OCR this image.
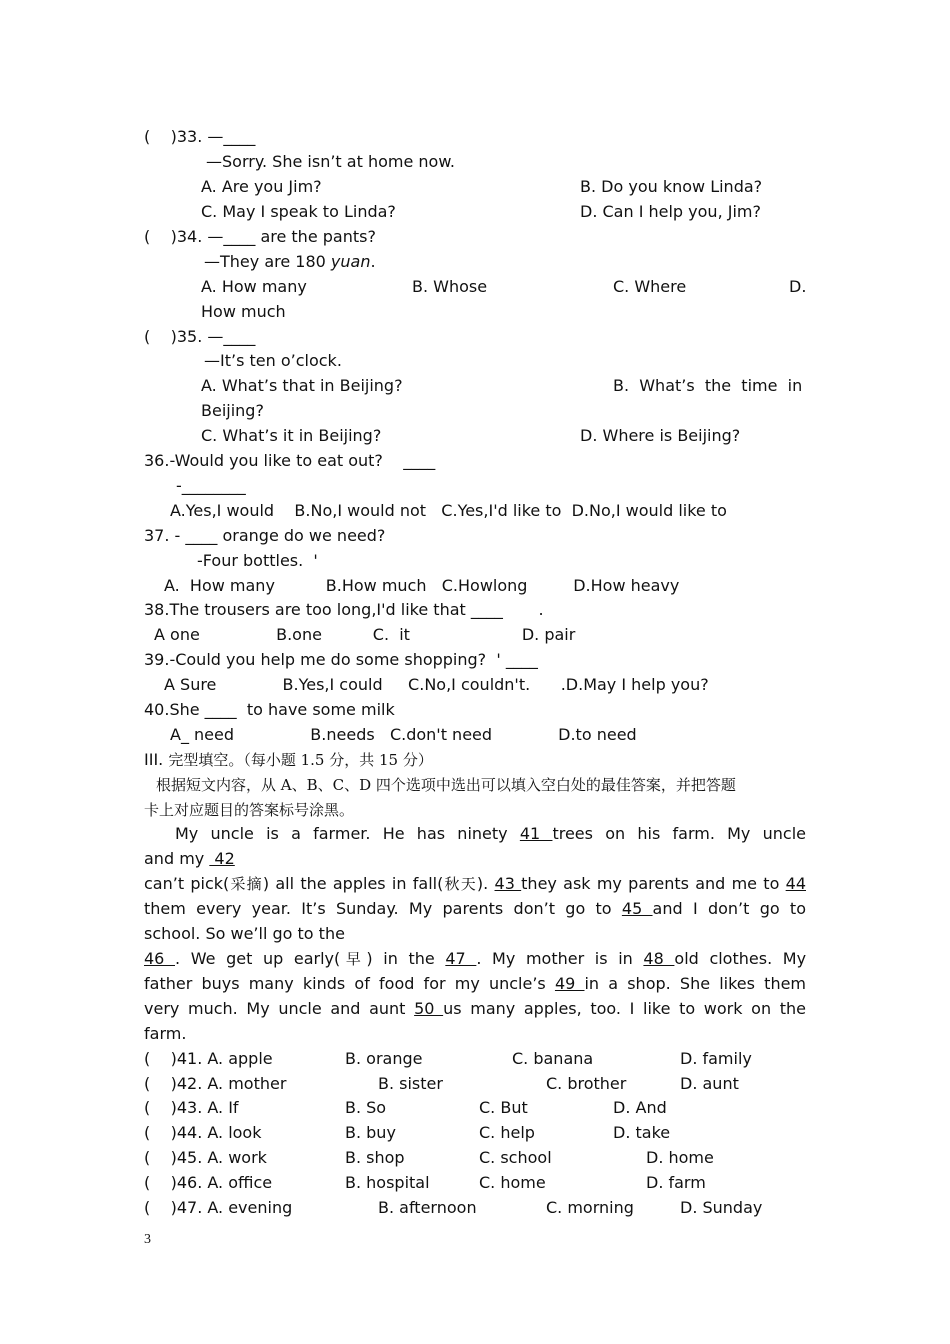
(    )33. —____
—Sorry. She isn’t at home now.
A. Are you Jim?	B. Do you know Linda?
C. May I speak to Linda?	D. Can I help you, Jim?
(    )34. —____ are the pants?
—They are 180 yuan.
A. How many	B. Whose	C. Where	D.
How much
(    )35. —____
—It’s ten o’clock.
A. What’s that in Beijing?	B.  What’s  the  time  in
Beijing?
C. What’s it in Beijing?	D. Where is Beijing?
36.-Would you like to eat out?    ____
-________
A.Yes,I would    B.No,I would not   C.Yes,I'd like to  D.No,I would like to
37. - ____ orange do we need?
-Four bottles.  '
A.  How many          B.How much   C.Howlong         D.How heavy
38.The trousers are too long,I'd like that ____       .
A one               B.one          C.  it                      D. pair
39.-Could you help me do some shopping?  ' ____
A Sure             B.Yes,I could     C.No,I couldn't.      .D.May I help you?
40.She ____  to have some milk
A_ need               B.needs   C.don't need             D.to need
III. 完型填空。（每小题 1.5 分，共 15 分）
根据短文内容，从 A、B、C、D 四个选项中选出可以填入空白处的最佳答案，并把答题
卡上对应题目的答案标号涂黑。
My uncle is a farmer. He has ninety 41 trees on his farm. My uncle
and my  42
can’t pick(采摘) all the apples in fall(秋天). 43 they ask my parents and me to 44
them every year. It’s Sunday. My parents don’t go to 45 and I don’t go to
school. So we’ll go to the
46 . We get up early(早) in the 47 . My mother is in 48 old clothes. My
father buys many kinds of food for my uncle’s 49 in a shop. She likes them
very much. My uncle and aunt 50 us many apples, too. I like to work on the
farm.
(    )41. A. apple	B. orange	C. banana	D. family
(    )42. A. mother	B. sister	C. brother	D. aunt
(    )43. A. If	B. So	C. But	D. And
(    )44. A. look	B. buy	C. help	D. take
(    )45. A. work	B. shop	C. school	D. home
(    )46. A. office	B. hospital	C. home	D. farm
(    )47. A. evening	B. afternoon	C. morning	D. Sunday
3
